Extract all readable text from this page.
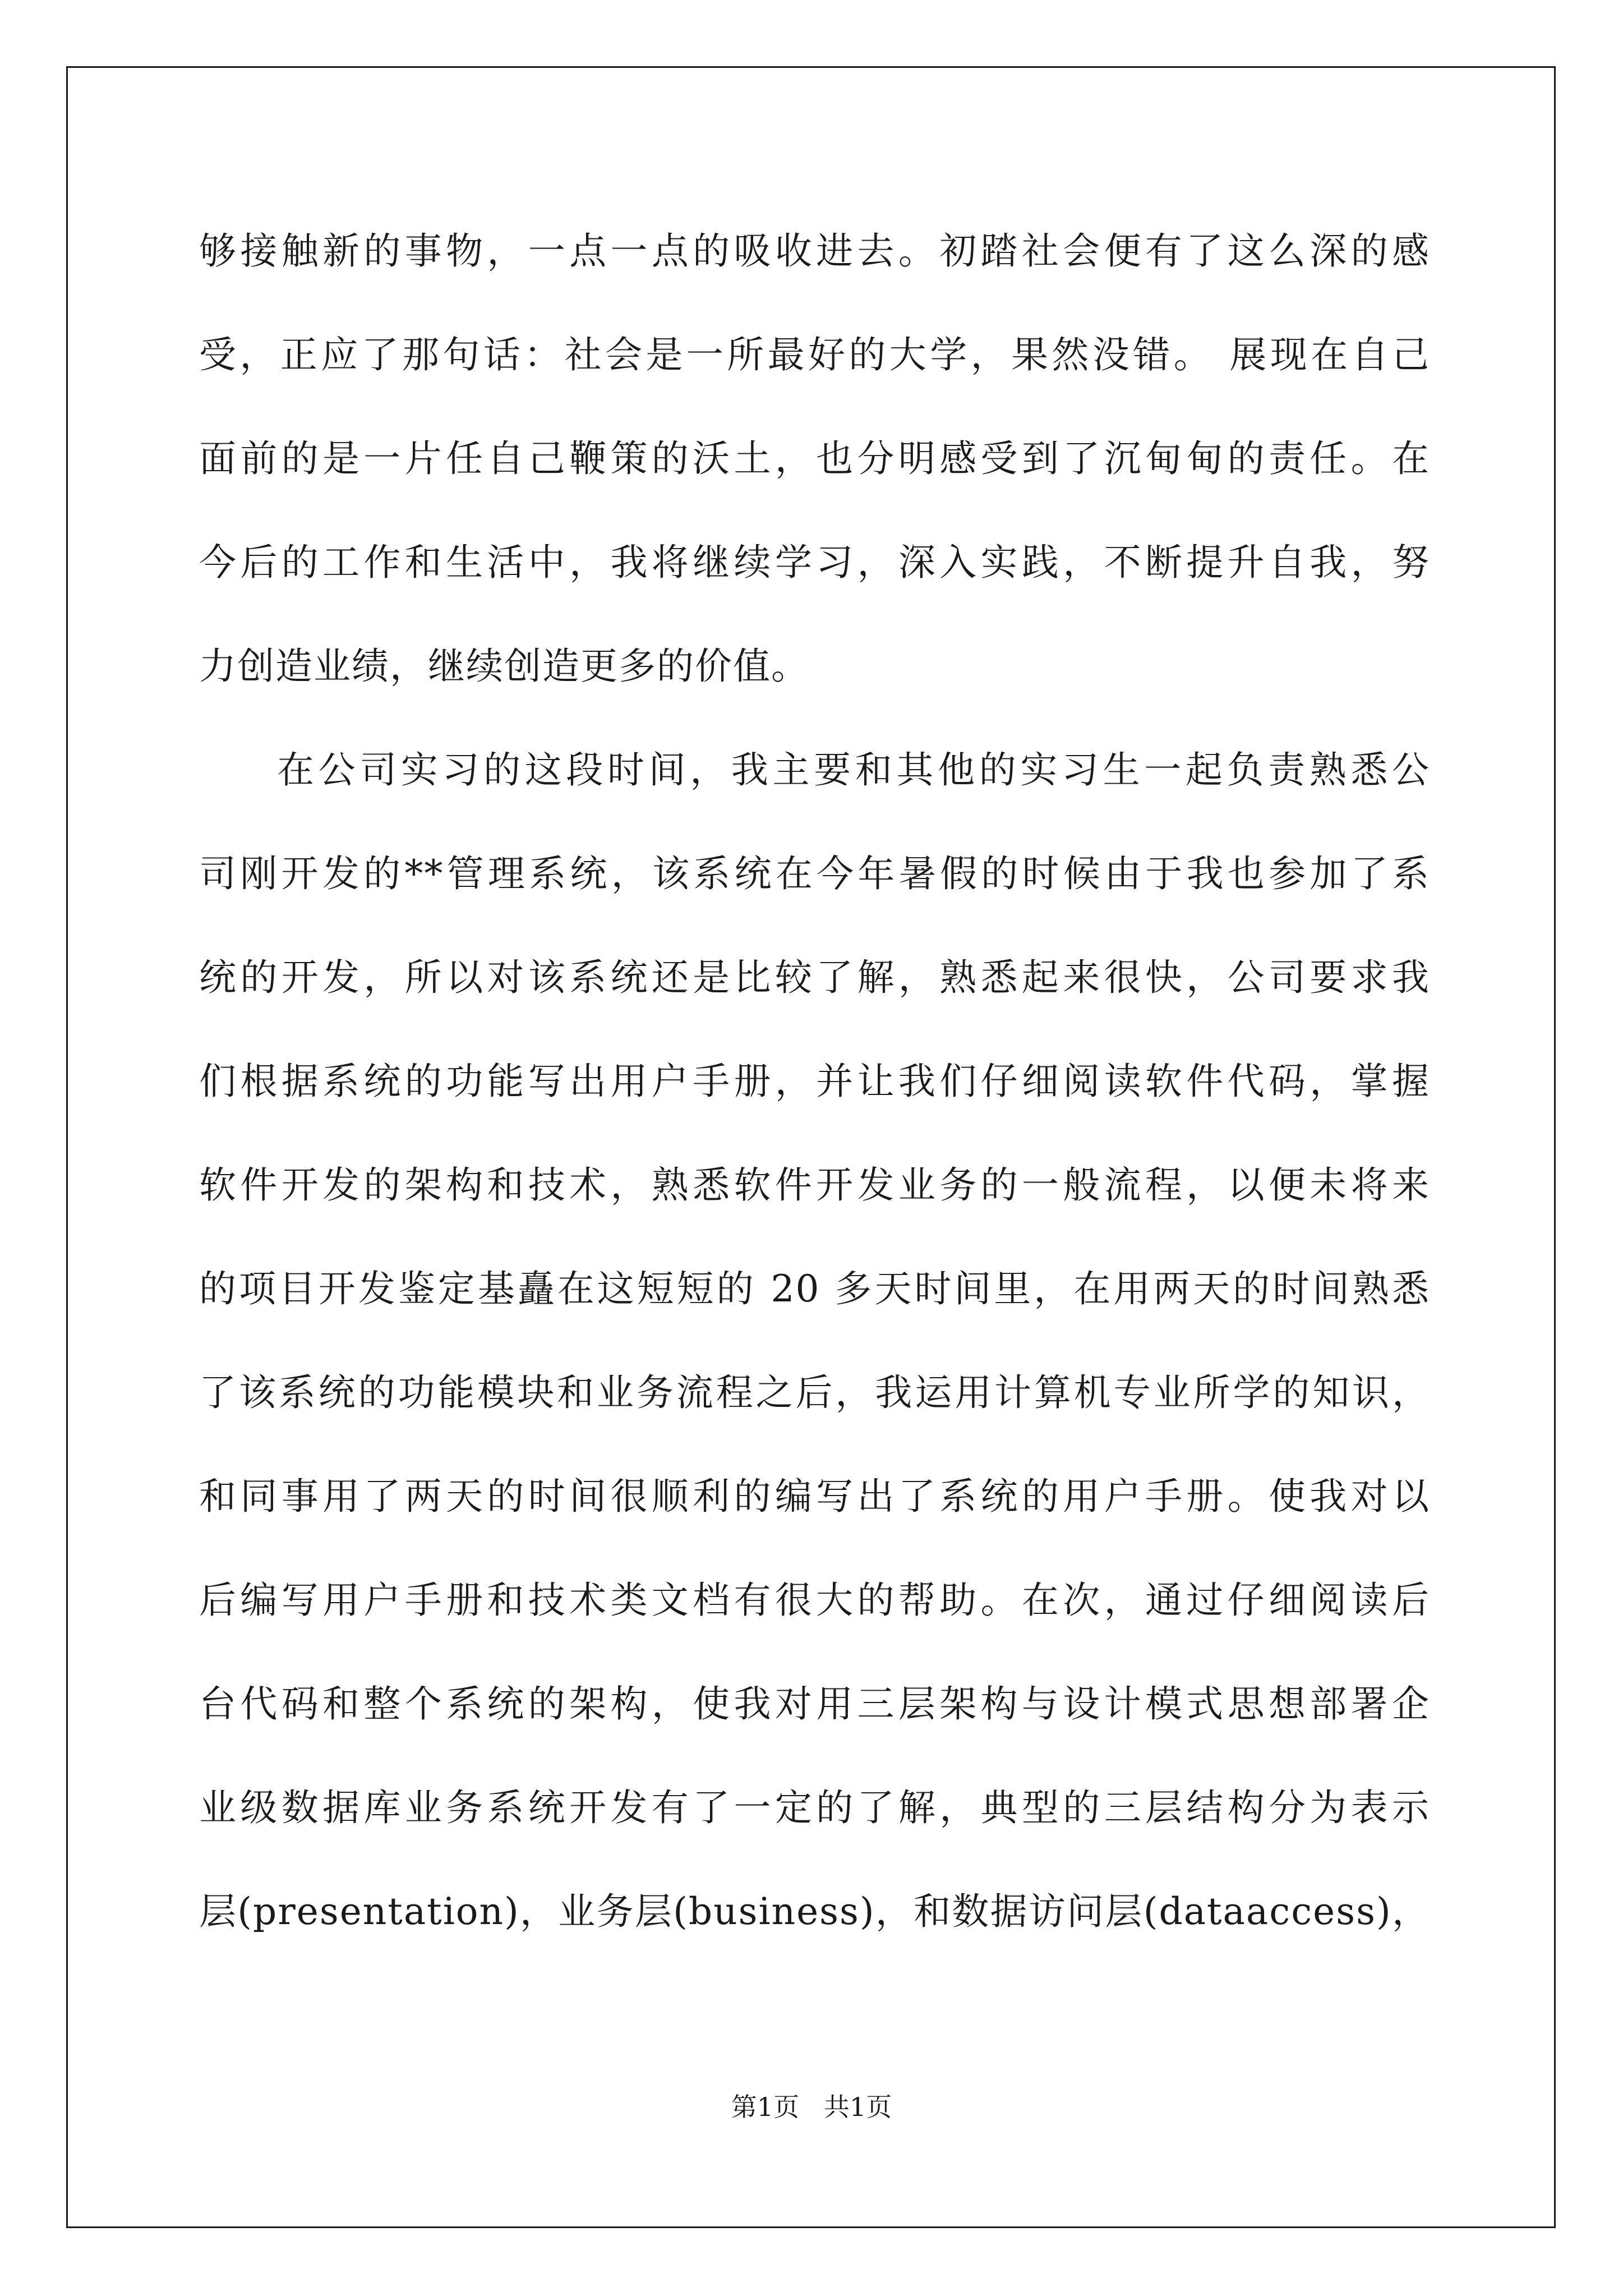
够接触新的事物，一点一点的吸收进去。初踏社会便有了这么深的感
受，正应了那句话：社会是一所最好的大学，果然没错。 展现在自己
面前的是一片任自己鞭策的沃土，也分明感受到了沉甸甸的责任。在
今后的工作和生活中，我将继续学习，深入实践，不断提升自我，努
力创造业绩，继续创造更多的价值。
在公司实习的这段时间，我主要和其他的实习生一起负责熟悉公
司刚开发的**管理系统，该系统在今年暑假的时候由于我也参加了系
统的开发，所以对该系统还是比较了解，熟悉起来很快，公司要求我
们根据系统的功能写出用户手册，并让我们仔细阅读软件代码，掌握
软件开发的架构和技术，熟悉软件开发业务的一般流程，以便未将来
的项目开发鉴定基矗在这短短的 20 多天时间里，在用两天的时间熟悉
了该系统的功能模块和业务流程之后，我运用计算机专业所学的知识，
和同事用了两天的时间很顺利的编写出了系统的用户手册。使我对以
后编写用户手册和技术类文档有很大的帮助。在次，通过仔细阅读后
台代码和整个系统的架构，使我对用三层架构与设计模式思想部署企
业级数据库业务系统开发有了一定的了解，典型的三层结构分为表示
层(presentation)，业务层(business)，和数据访问层(dataaccess)，
第1页   共1页
